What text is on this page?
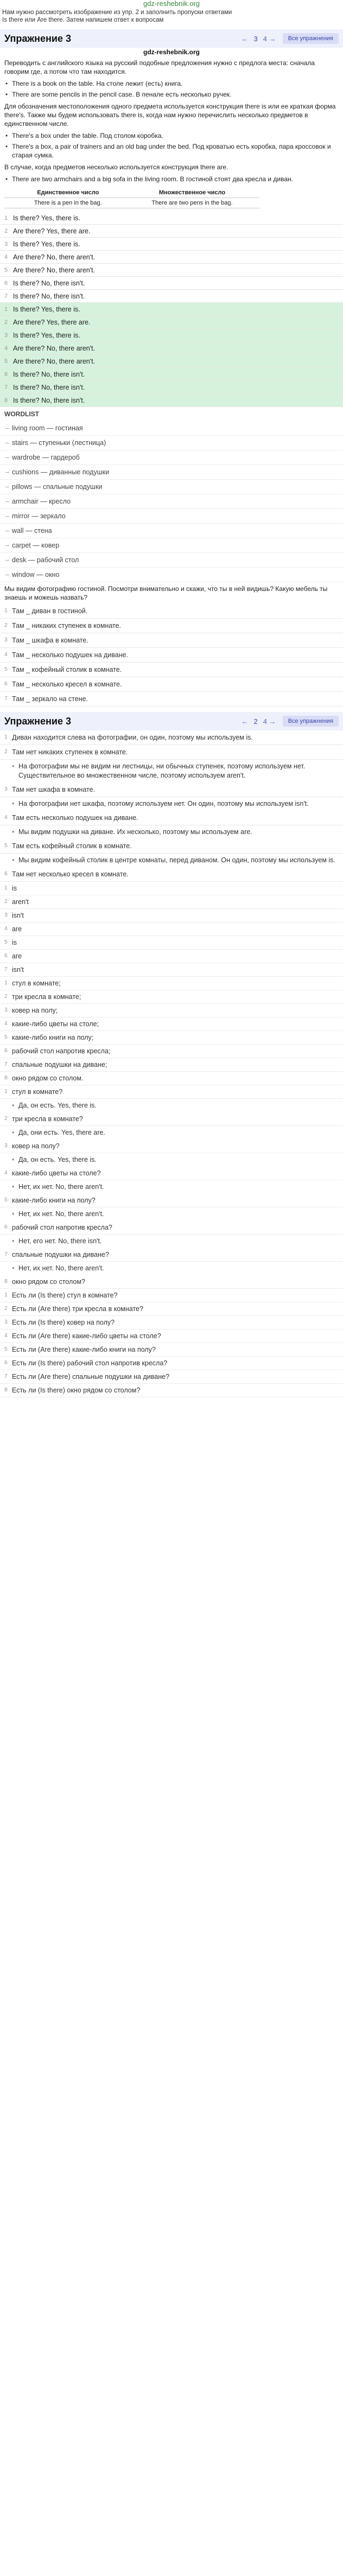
gdz-reshebnik.org
Нам нужно рассмотреть изображение из упр. 2 и заполнить пропуски ответами
Is there или Are there. Затем напишем ответ к вопросам
Упражнение 3	← 3 4 →	Все упражнения
gdz-reshebnik.org
Переводить с английского языка на русский подобные предложения нужно с предлога места: сначала говорим где, а потом что там находится.
• There is a book on the table. На столе лежит (есть) книга.
• There are some pencils in the pencil case. В пенале есть несколько ручек.
Для обозначения местоположения одного предмета используется конструкция there is или ее краткая форма there's. Также мы будем использовать there is, когда нам нужно перечислить несколько предметов в единственном числе.
• There's a box under the table. Под столом коробка.
• There's a box, a pair of trainers and an old bag under the bed. Под кроватью есть коробка, пара кроссовок и старая сумка.
В случае, когда предметов несколько используется конструкция there are.
• There are two armchairs and a big sofa in the living room. В гостиной стоят два кресла и диван.
	Единственное число	Множественное число
	There is a pen in the bag.	There are two pens in the bag.
1 Is there? Yes, there is.
2 Are there? Yes, there are.
3 Is there? Yes, there is.
4 Are there? No, there aren't.
5 Are there? No, there aren't.
6 Is there? No, there isn't.
7 Is there? No, there isn't.
1 Is there? Yes, there is.
2 Are there? Yes, there are.
3 Is there? Yes, there is.
4 Are there? No, there aren't.
5 Are there? No, there aren't.
6 Is there? No, there isn't.
7 Is there? No, there isn't.
8 Is there? No, there isn't.
WORDLIST
– living room — гостиная
– stairs — ступеньки (лестница)
– wardrobe — гардероб
– cushions — диванные подушки
– pillows — спальные подушки
– armchair — кресло
– mirror — зеркало
– wall — стена
– carpet — ковер
– desk — рабочий стол
– window — окно
Мы видим фотографию гостиной. Посмотри внимательно и скажи, что ты в ней видишь? Какую мебель ты знаешь и можешь назвать?
1 Там _ диван в гостиной.
2 Там _ никаких ступенек в комнате.
3 Там _ шкафа в комнате.
4 Там _ несколько подушек на диване.
5 Там _ кофейный столик в комнате.
6 Там _ несколько кресел в комнате.
7 Там _ зеркало на стене.
Упражнение 3	← 2 4 →	Все упражнения
1 Диван находится слева на фотографии, он один, поэтому мы используем is.
2 Там нет никаких ступенек в комнате.
• На фотографии мы не видим ни лестницы, ни обычных ступенек, поэтому используем нет. Существительное во множественном числе, поэтому используем aren't.
3 Там нет шкафа в комнате.
• На фотографии нет шкафа, поэтому используем нет. Он один, поэтому мы используем isn't.
4 Там есть несколько подушек на диване.
• Мы видим подушки на диване. Их несколько, поэтому мы используем are.
5 Там есть кофейный столик в комнате.
• Мы видим кофейный столик в центре комнаты, перед диваном. Он один, поэтому мы используем is.
6 Там нет несколько кресел в комнате.
1 is
2 aren't
3 isn't
4 are
5 is
6 are
7 isn't
1 стул в комнате;
2 три кресла в комнате;
3 ковер на полу;
4 какие-либо цветы на столе;
5 какие-либо книги на полу;
6 рабочий стол напротив кресла;
7 спальные подушки на диване;
8 окно рядом со столом.
1 стул в комнате?
• Да, он есть. Yes, there is.
2 три кресла в комнате?
• Да, они есть. Yes, there are.
3 ковер на полу?
• Да, он есть. Yes, there is.
4 какие-либо цветы на столе?
• Нет, их нет. No, there aren't.
5 какие-либо книги на полу?
• Нет, их нет. No, there aren't.
6 рабочий стол напротив кресла?
• Нет, его нет. No, there isn't.
7 спальные подушки на диване?
• Нет, их нет. No, there aren't.
8 окно рядом со столом?
1 Есть ли (Is there) стул в комнате?
2 Есть ли (Are there) три кресла в комнате?
3 Есть ли (Is there) ковер на полу?
4 Есть ли (Are there) какие-либо цветы на столе?
5 Есть ли (Are there) какие-либо книги на полу?
6 Есть ли (Is there) рабочий стол напротив кресла?
7 Есть ли (Are there) спальные подушки на диване?
8 Есть ли (Is there) окно рядом со столом?
